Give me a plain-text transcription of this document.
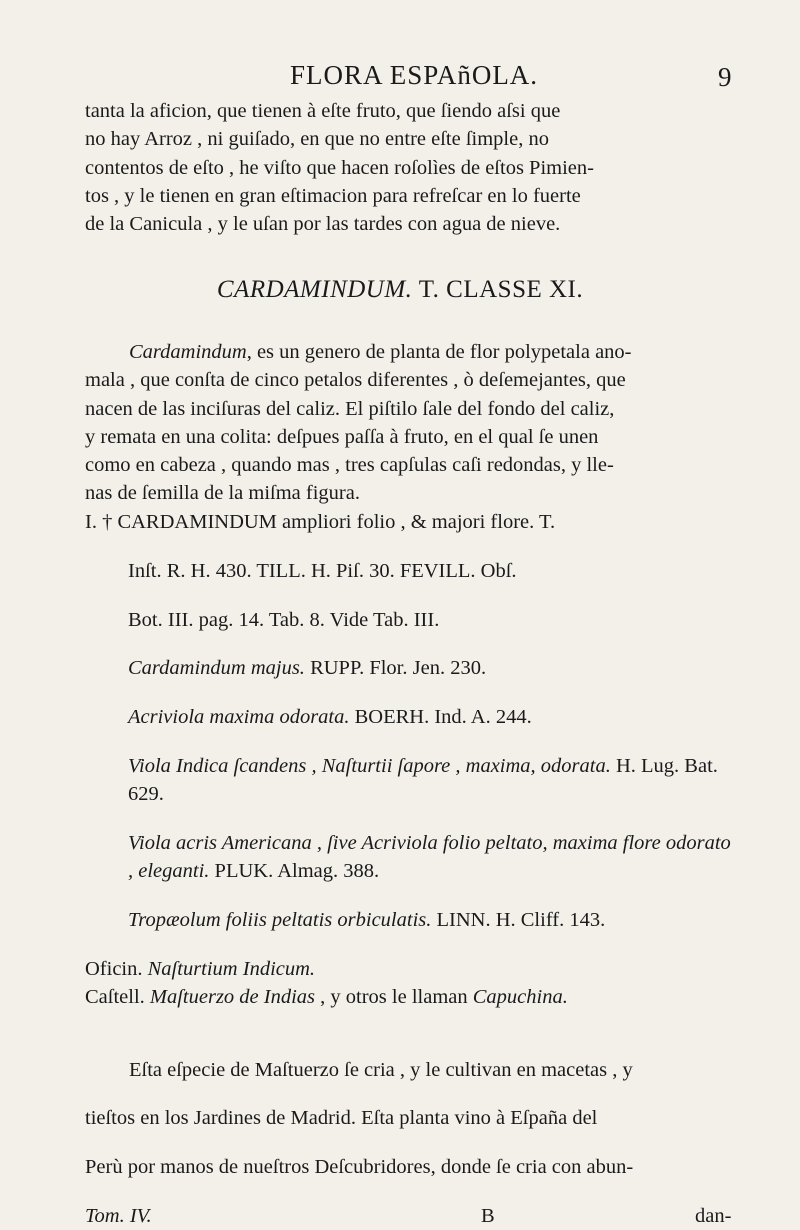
FLORA ESPAñOLA.	9

tanta la aficion, que tienen à eſte fruto, que ſiendo aſsi que

no hay Arroz , ni guiſado, en que no entre eſte ſimple, no

contentos de eſto , he viſto que hacen roſolìes de eſtos Pimien-

tos , y le tienen en gran eſtimacion para refreſcar en lo fuerte

de la Canicula , y le uſan por las tardes con agua de nieve.

CARDAMINDUM. T. CLASSE XI.

Cardamindum, es un genero de planta de flor polypetala ano-

mala , que conſta de cinco petalos diferentes , ò deſemejantes, que

nacen de las inciſuras del caliz. El piſtilo ſale del fondo del caliz,

y remata en una colita: deſpues paſſa à fruto, en el qual ſe unen

como en cabeza , quando mas , tres capſulas caſi redondas, y lle-

nas de ſemilla de la miſma figura.

I. † CARDAMINDUM ampliori folio , & majori flore. T.

Inſt. R. H. 430. TILL. H. Piſ. 30. FEVILL. Obſ.

Bot. III. pag. 14. Tab. 8. Vide Tab. III.

Cardamindum majus. RUPP. Flor. Jen. 230.

Acriviola maxima odorata. BOERH. Ind. A. 244.

Viola Indica ſcandens , Naſturtii ſapore , maxima, odorata. H. Lug. Bat. 629.

Viola acris Americana , ſive Acriviola folio peltato, maxima flore odorato , eleganti. PLUK. Almag. 388.

Tropæolum foliis peltatis orbiculatis. LINN. H. Cliff. 143.

Oficin. Naſturtium Indicum.

Caſtell. Maſtuerzo de Indias , y otros le llaman Capuchina.

Eſta eſpecie de Maſtuerzo ſe cria , y le cultivan en macetas , y

tieſtos en los Jardines de Madrid. Eſta planta vino à Eſpaña del

Perù por manos de nueſtros Deſcubridores, donde ſe cria con abun-

Tom. IV.	B	dan-
